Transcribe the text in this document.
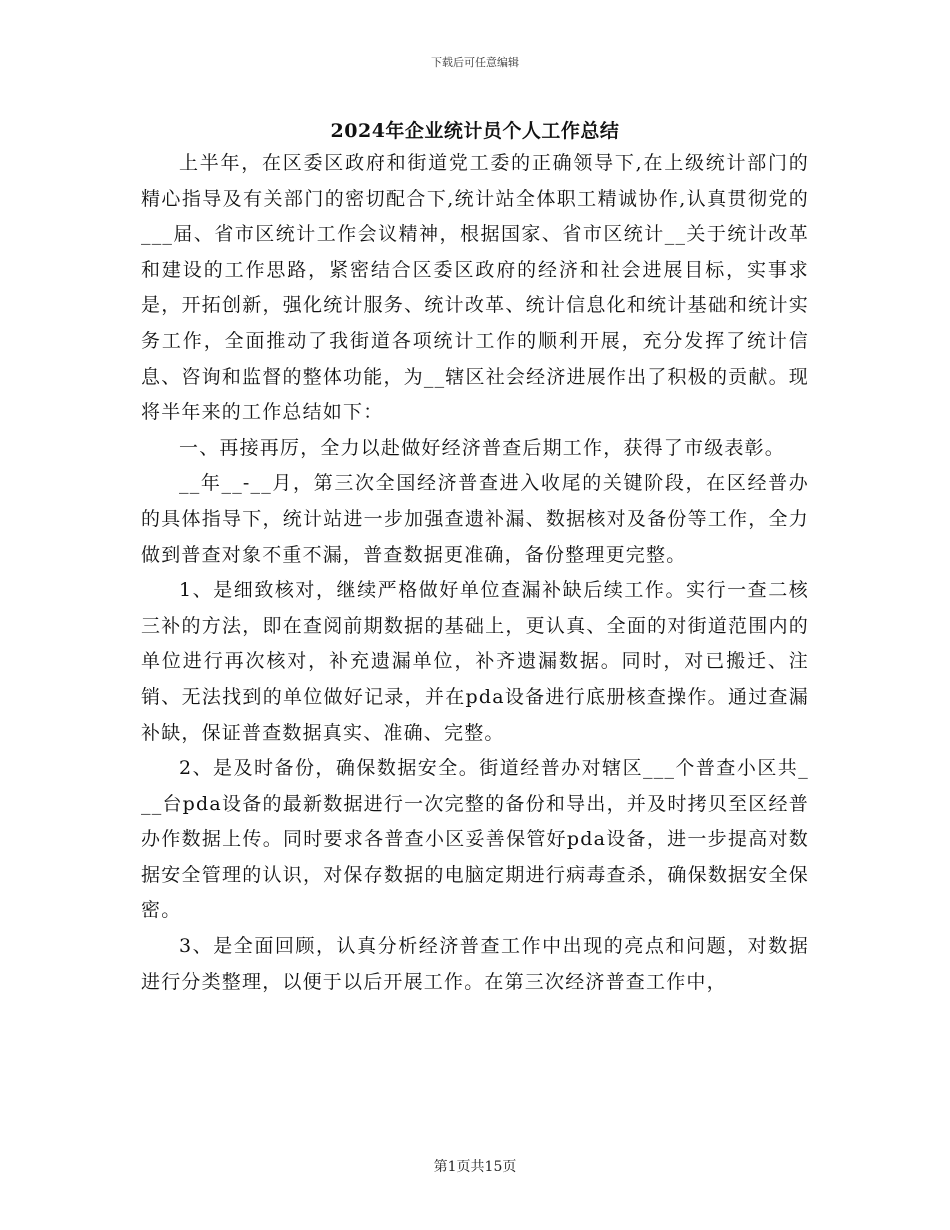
下载后可任意编辑
2024年企业统计员个人工作总结

上半年，在区委区政府和街道党工委的正确领导下,在上级统计部门的精心指导及有关部门的密切配合下,统计站全体职工精诚协作,认真贯彻党的___届、省市区统计工作会议精神，根据国家、省市区统计__关于统计改革和建设的工作思路，紧密结合区委区政府的经济和社会进展目标，实事求是，开拓创新，强化统计服务、统计改革、统计信息化和统计基础和统计实务工作，全面推动了我街道各项统计工作的顺利开展，充分发挥了统计信息、咨询和监督的整体功能，为__辖区社会经济进展作出了积极的贡献。现将半年来的工作总结如下：

一、再接再厉，全力以赴做好经济普查后期工作，获得了市级表彰。

__年__-__月，第三次全国经济普查进入收尾的关键阶段，在区经普办的具体指导下，统计站进一步加强查遗补漏、数据核对及备份等工作，全力做到普查对象不重不漏，普查数据更准确，备份整理更完整。

1、是细致核对，继续严格做好单位查漏补缺后续工作。实行一查二核三补的方法，即在查阅前期数据的基础上，更认真、全面的对街道范围内的单位进行再次核对，补充遗漏单位，补齐遗漏数据。同时，对已搬迁、注销、无法找到的单位做好记录，并在pda设备进行底册核查操作。通过查漏补缺，保证普查数据真实、准确、完整。

2、是及时备份，确保数据安全。街道经普办对辖区___个普查小区共___台pda设备的最新数据进行一次完整的备份和导出，并及时拷贝至区经普办作数据上传。同时要求各普查小区妥善保管好pda设备，进一步提高对数据安全管理的认识，对保存数据的电脑定期进行病毒查杀，确保数据安全保密。

3、是全面回顾，认真分析经济普查工作中出现的亮点和问题，对数据进行分类整理，以便于以后开展工作。在第三次经济普查工作中，

第1页共15页
